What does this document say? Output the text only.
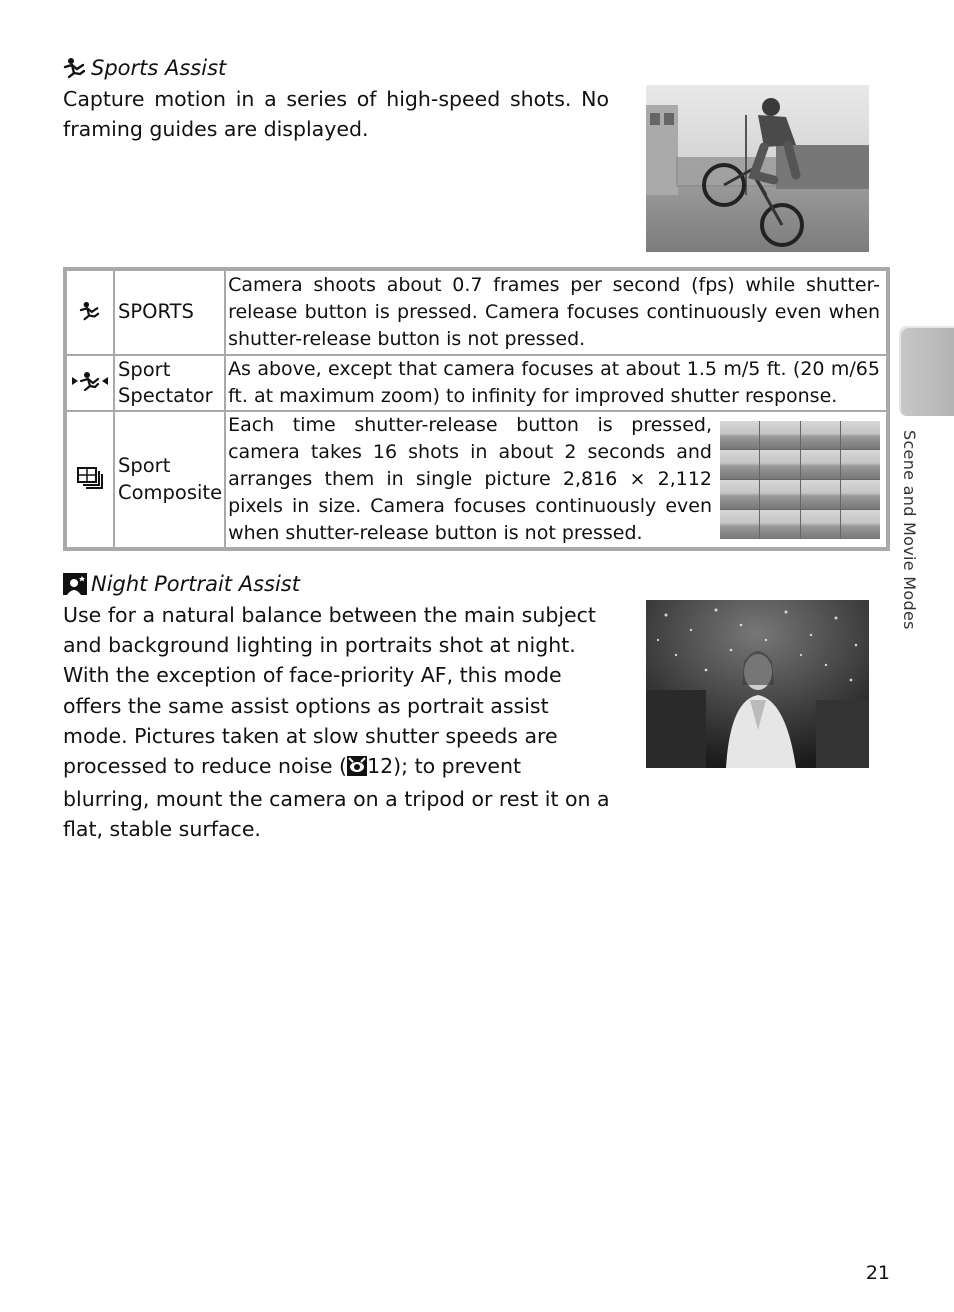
Sports Assist
Capture motion in a series of high-speed shots. No framing guides are displayed.
	SPORTS	Camera shoots about 0.7 frames per second (fps) while shutter-release button is pressed. Camera focuses continuously even when shutter-release button is not pressed.
	Sport Spectator	As above, except that camera focuses at about 1.5 m/5 ft. (20 m/65 ft. at maximum zoom) to infinity for improved shutter response.
	Sport Composite	Each time shutter-release button is pressed, camera takes 16 shots in about 2 seconds and arranges them in single picture 2,816 × 2,112 pixels in size. Camera focuses continuously even when shutter-release button is not pressed.
Night Portrait Assist
Use for a natural balance between the main subject and background lighting in portraits shot at night. With the exception of face-priority AF, this mode offers the same assist options as portrait assist mode. Pictures taken at slow shutter speeds are processed to reduce noise ( 12); to prevent blurring, mount the camera on a tripod or rest it on a flat, stable surface.
Scene and Movie Modes
21
